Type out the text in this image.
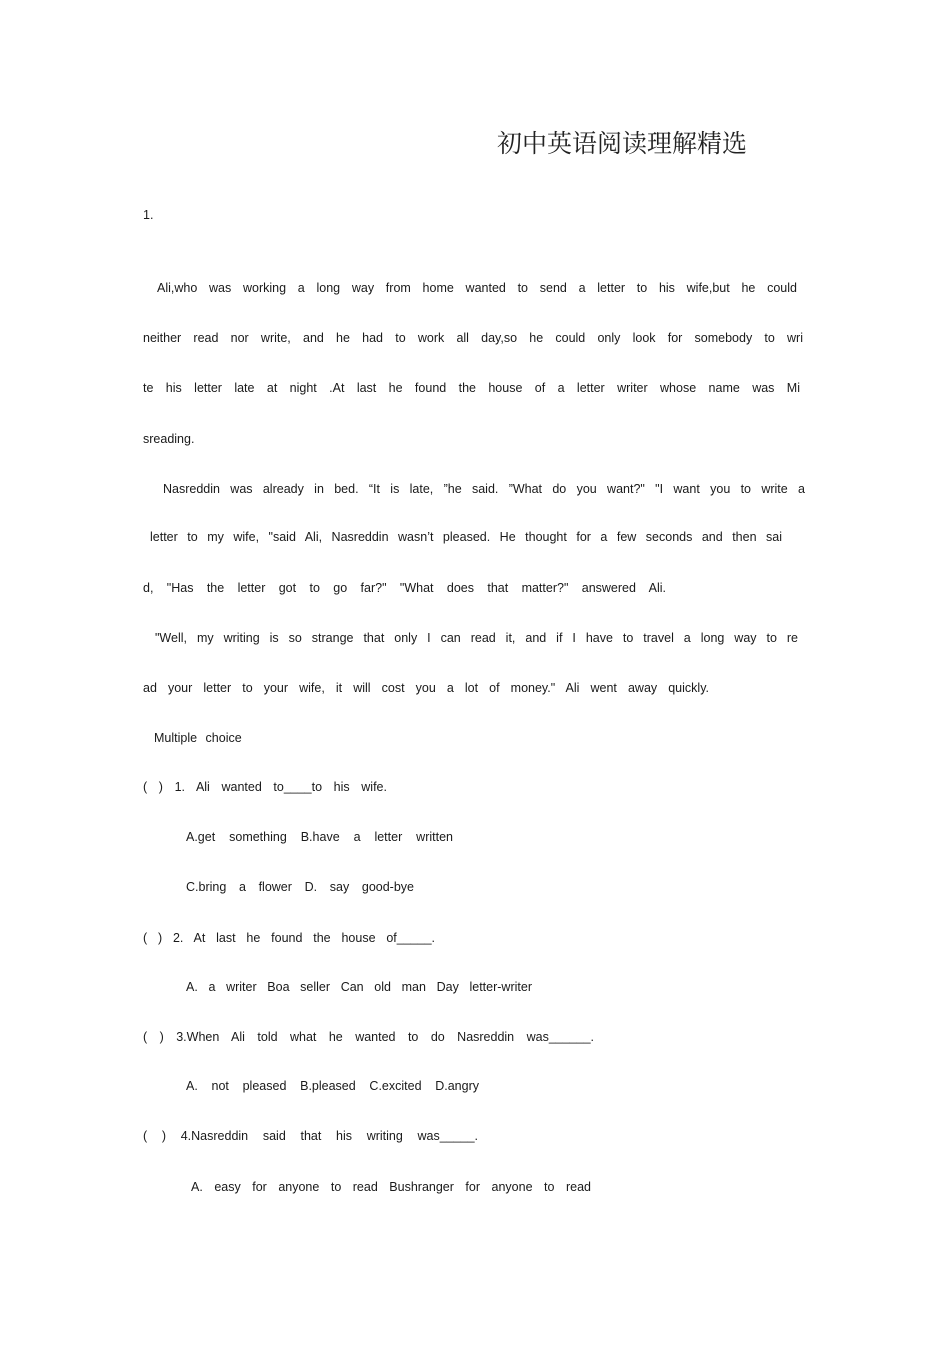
初中英语阅读理解精选
1.
Ali,who was working a long way from home wanted to send a letter to his wife,but he could
neither read nor write, and he had to work all day,so he could only look for somebody to wri
te his letter late at night .At last he found the house of a letter writer whose name was Mi
sreading.
Nasreddin was already in bed. “It is late, ”he said. ”What do you want?" "I want you to write a
letter to my wife, "said Ali, Nasreddin wasn’t pleased. He thought for a few seconds and then sai
d, "Has the letter got to go far?" "What does that matter?" answered Ali.
"Well, my writing is so strange that only I can read it, and if I have to travel a long way to re
ad your letter to your wife, it will cost you a lot of money." Ali went away quickly.
Multiple choice
( ) 1. Ali wanted to____to his wife.
A.get something B.have a letter written
C.bring a flower D. say good-bye
( ) 2. At last he found the house of_____.
A. a writer Boa seller Can old man Day letter-writer
( ) 3.When Ali told what he wanted to do Nasreddin was______.
A. not pleased B.pleased C.excited D.angry
( ) 4.Nasreddin said that his writing was_____.
A. easy for anyone to read Bushranger for anyone to read
